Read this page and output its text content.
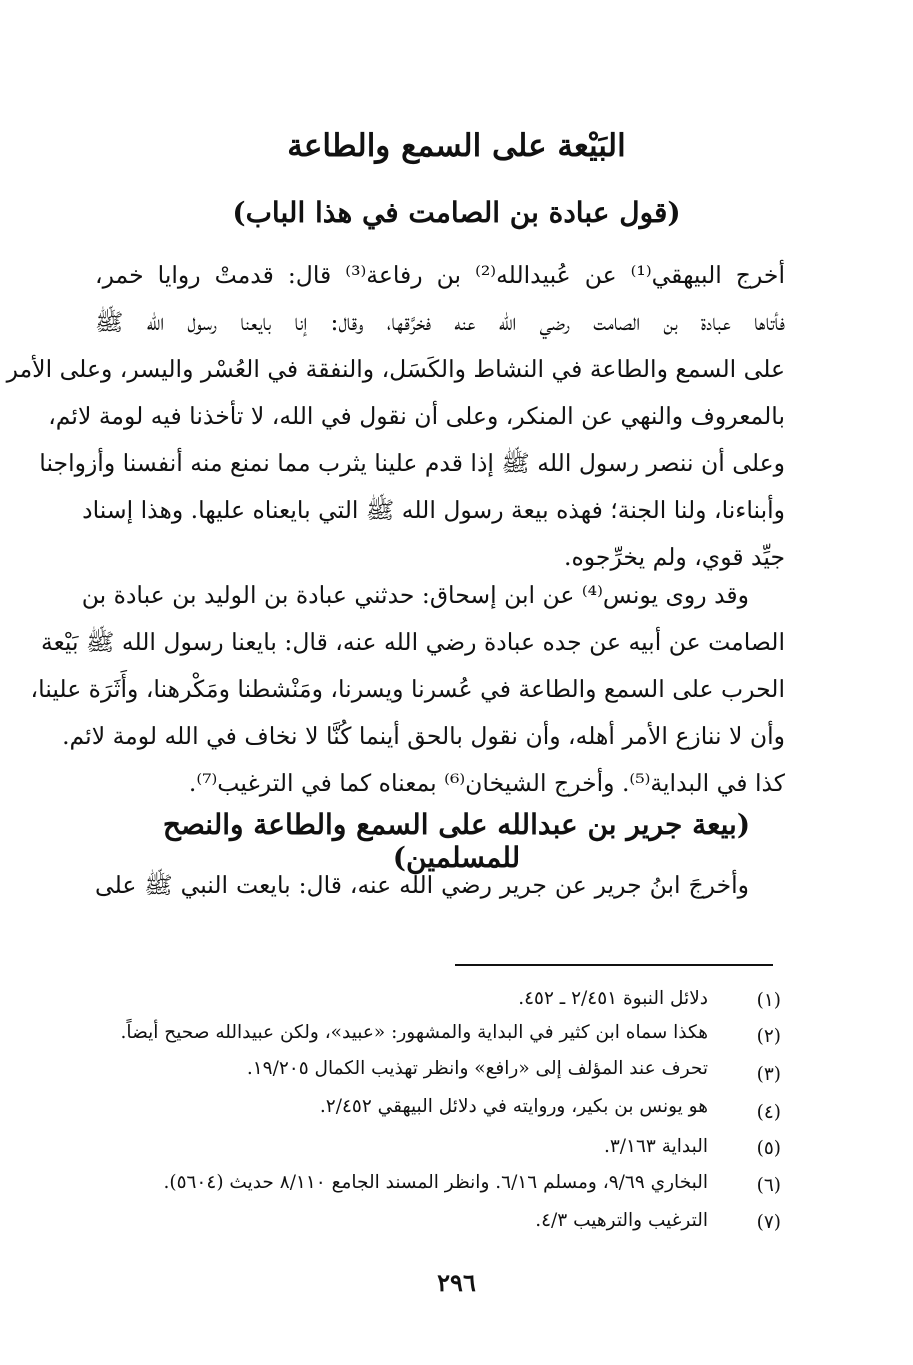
البَيْعة على السمع والطاعة
(قول عبادة بن الصامت في هذا الباب)
أخرج البيهقي⁽¹⁾ عن عُبيدالله⁽²⁾ بن رفاعة⁽³⁾ قال: قدمتْ روايا خمر،
فأتاها عبادة بن الصامت رضي الله عنه فخرَّقها، وقال: إنا بايعنا رسول الله ﷺ
على السمع والطاعة في النشاط والكَسَل، والنفقة في العُسْر واليسر، وعلى الأمر
بالمعروف والنهي عن المنكر، وعلى أن نقول في الله، لا تأخذنا فيه لومة لائم،
وعلى أن ننصر رسول الله ﷺ إذا قدم علينا يثرب مما نمنع منه أنفسنا وأزواجنا
وأبناءنا، ولنا الجنة؛ فهذه بيعة رسول الله ﷺ التي بايعناه عليها. وهذا إسناد
جيِّد قوي، ولم يخرِّجوه.
وقد روى يونس⁽⁴⁾ عن ابن إسحاق: حدثني عبادة بن الوليد بن عبادة بن
الصامت عن أبيه عن جده عبادة رضي الله عنه، قال: بايعنا رسول الله ﷺ بَيْعة
الحرب على السمع والطاعة في عُسرنا ويسرنا، ومَنْشطنا ومَكْرهنا، وأَثَرَة علينا،
وأن لا ننازع الأمر أهله، وأن نقول بالحق أينما كُنَّا لا نخاف في الله لومة لائم.
كذا في البداية⁽⁵⁾. وأخرج الشيخان⁽⁶⁾ بمعناه كما في الترغيب⁽⁷⁾.
(بيعة جرير بن عبدالله على السمع والطاعة والنصح للمسلمين)
وأخرجَ ابنُ جرير عن جرير رضي الله عنه، قال: بايعت النبي ﷺ على
(١)
دلائل النبوة ٢/٤٥١ ـ ٤٥٢.
(٢)
هكذا سماه ابن كثير في البداية والمشهور: «عبيد»، ولكن عبيدالله صحيح أيضاً.
(٣)
تحرف عند المؤلف إلى «رافع» وانظر تهذيب الكمال ١٩/٢٠٥.
(٤)
هو يونس بن بكير، وروايته في دلائل البيهقي ٢/٤٥٢.
(٥)
البداية ٣/١٦٣.
(٦)
البخاري ٩/٦٩، ومسلم ٦/١٦. وانظر المسند الجامع ٨/١١٠ حديث (٥٦٠٤).
(٧)
الترغيب والترهيب ٤/٣.
٢٩٦
